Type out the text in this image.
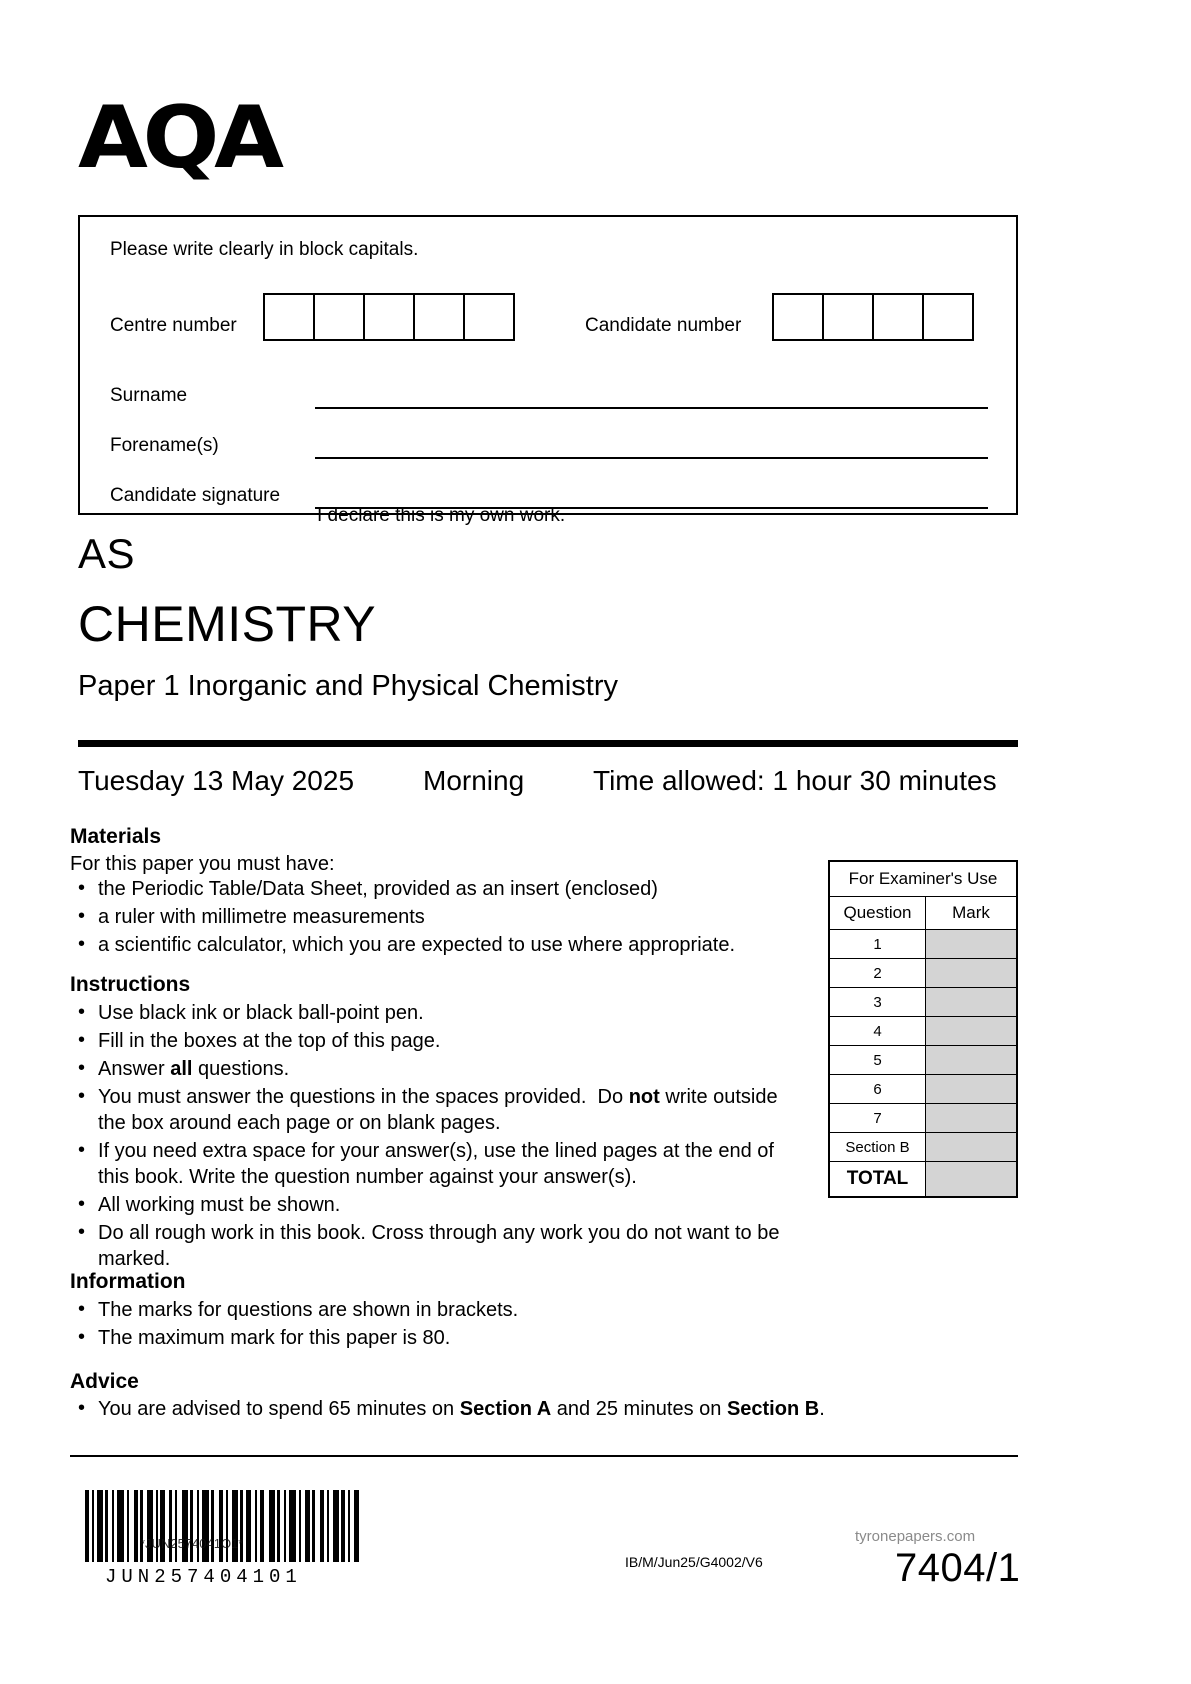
AQA
Please write clearly in block capitals.
Centre number	Candidate number
Surname
Forename(s)
Candidate signature
I declare this is my own work.
AS
CHEMISTRY
Paper 1 Inorganic and Physical Chemistry
Tuesday 13 May 2025	Morning	Time allowed: 1 hour 30 minutes
Materials
For this paper you must have:
• the Periodic Table/Data Sheet, provided as an insert (enclosed)
• a ruler with millimetre measurements
• a scientific calculator, which you are expected to use where appropriate.
Instructions
• Use black ink or black ball-point pen.
• Fill in the boxes at the top of this page.
• Answer all questions.
• You must answer the questions in the spaces provided.  Do not write outside the box around each page or on blank pages.
• If you need extra space for your answer(s), use the lined pages at the end of this book. Write the question number against your answer(s).
• All working must be shown.
• Do all rough work in this book. Cross through any work you do not want to be marked.
Information
• The marks for questions are shown in brackets.
• The maximum mark for this paper is 80.
Advice
• You are advised to spend 65 minutes on Section A and 25 minutes on Section B.
For Examiner's Use	
Question	Mark
1	
2	
3	
4	
5	
6	
7	
Section B	
TOTAL	
*JUN2574041O1*
JUN257404101
IB/M/Jun25/G4002/V6
tyronepapers.com
7404/1
